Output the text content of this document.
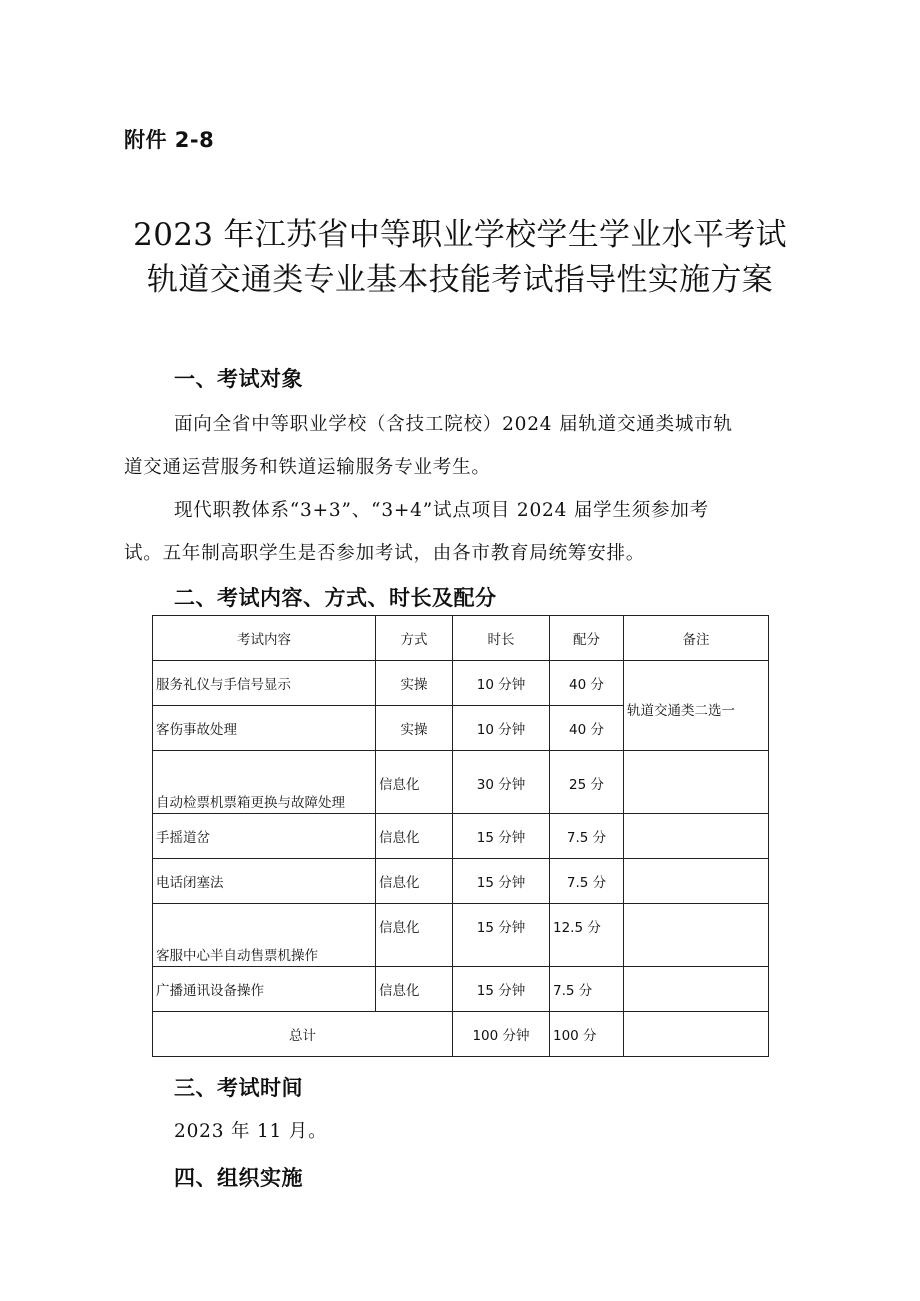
附件 2-8
2023 年江苏省中等职业学校学生学业水平考试
轨道交通类专业基本技能考试指导性实施方案
一、考试对象
面向全省中等职业学校（含技工院校）2024 届轨道交通类城市轨
道交通运营服务和铁道运输服务专业考生。
现代职教体系“3+3”、“3+4”试点项目 2024 届学生须参加考
试。五年制高职学生是否参加考试，由各市教育局统筹安排。
二、考试内容、方式、时长及配分
考试内容	方式	时长	配分	备注
服务礼仪与手信号显示	实操	10 分钟	40 分	轨道交通类二选一
客伤事故处理	实操	10 分钟	40 分	
自动检票机票箱更换与故障处理	信息化	30 分钟	25 分	
手摇道岔	信息化	15 分钟	7.5 分	
电话闭塞法	信息化	15 分钟	7.5 分	
客服中心半自动售票机操作	信息化	15 分钟	12.5 分	
广播通讯设备操作	信息化	15 分钟	7.5 分	
总计		100 分钟	100 分	
三、考试时间
2023 年 11 月。
四、组织实施
